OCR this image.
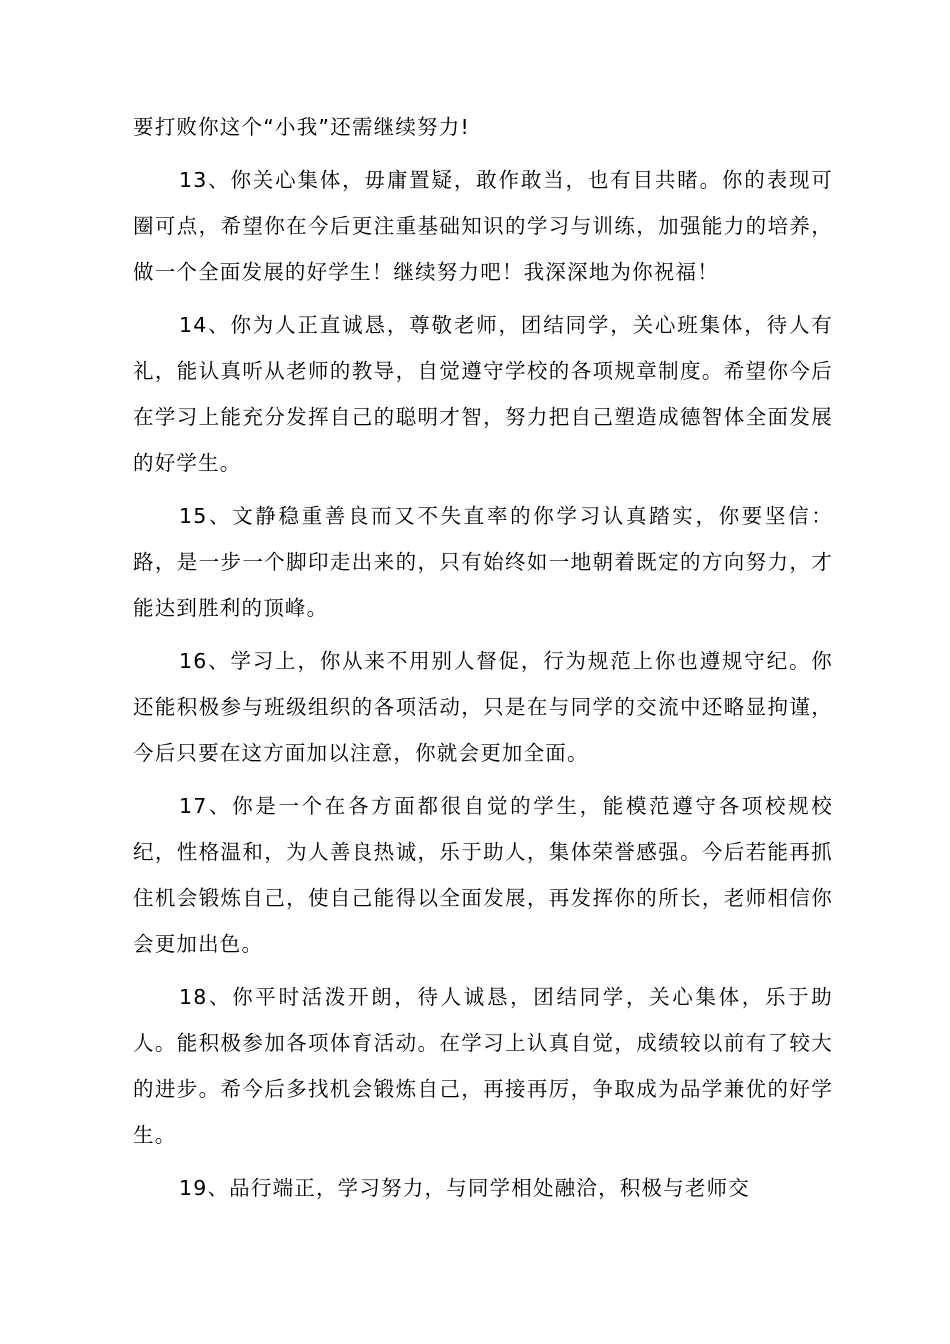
要打败你这个“小我”还需继续努力!

13、你关心集体，毋庸置疑，敢作敢当，也有目共睹。你的表现可圈可点，希望你在今后更注重基础知识的学习与训练，加强能力的培养，做一个全面发展的好学生！继续努力吧！我深深地为你祝福！

14、你为人正直诚恳，尊敬老师，团结同学，关心班集体，待人有礼，能认真听从老师的教导，自觉遵守学校的各项规章制度。希望你今后在学习上能充分发挥自己的聪明才智，努力把自己塑造成德智体全面发展的好学生。

15、文静稳重善良而又不失直率的你学习认真踏实，你要坚信：路，是一步一个脚印走出来的，只有始终如一地朝着既定的方向努力，才能达到胜利的顶峰。

16、学习上，你从来不用别人督促，行为规范上你也遵规守纪。你还能积极参与班级组织的各项活动，只是在与同学的交流中还略显拘谨，今后只要在这方面加以注意，你就会更加全面。

17、你是一个在各方面都很自觉的学生，能模范遵守各项校规校纪，性格温和，为人善良热诚，乐于助人，集体荣誉感强。今后若能再抓住机会锻炼自己，使自己能得以全面发展，再发挥你的所长，老师相信你会更加出色。

18、你平时活泼开朗，待人诚恳，团结同学，关心集体，乐于助人。能积极参加各项体育活动。在学习上认真自觉，成绩较以前有了较大的进步。希今后多找机会锻炼自己，再接再厉，争取成为品学兼优的好学生。

19、品行端正，学习努力，与同学相处融洽，积极与老师交
